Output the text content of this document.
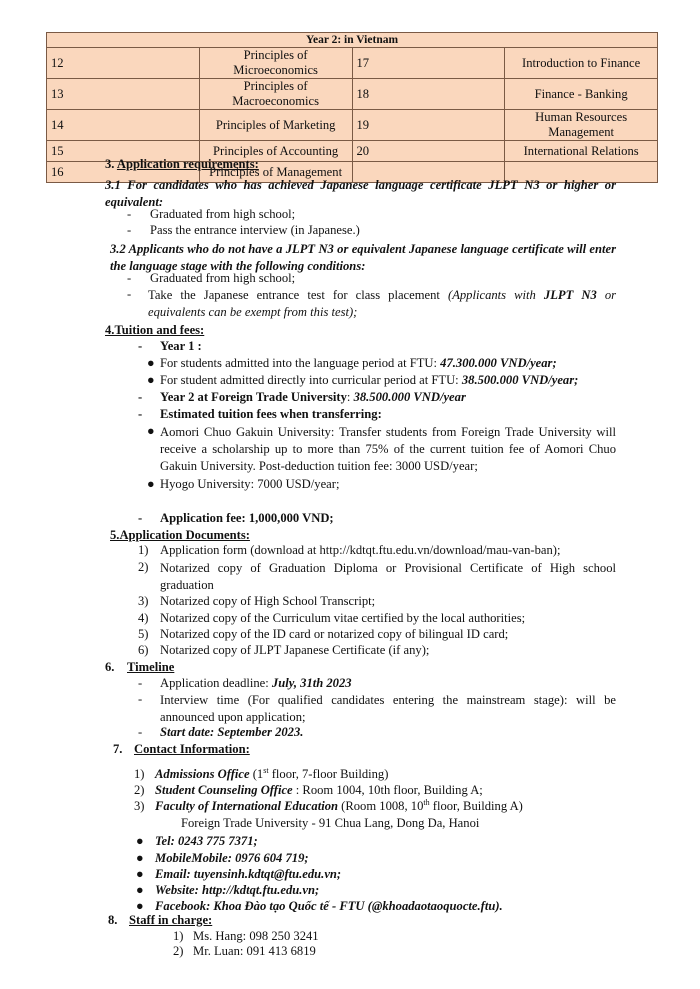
Year 2: in Vietnam			
12	Principles of Microeconomics	17	Introduction to Finance
13	Principles of Macroeconomics	18	Finance - Banking
14	Principles of Marketing	19	Human Resources Management
15	Principles of Accounting	20	International Relations
16	Principles of Management		
3. Application requirements:
3.1 For candidates who has achieved Japanese language certificate JLPT N3 or higher or equivalent:
- Graduated from high school;
- Pass the entrance interview (in Japanese.)
3.2 Applicants who do not have a JLPT N3 or equivalent Japanese language certificate will enter the language stage with the following conditions:
- Graduated from high school;
- Take the Japanese entrance test for class placement (Applicants with JLPT N3 or equivalents can be exempt from this test);
4.Tuition and fees:
- Year 1 :
● For students admitted into the language period at FTU: 47.300.000 VND/year;
● For student admitted directly into curricular period at FTU: 38.500.000 VND/year;
- Year 2 at Foreign Trade University: 38.500.000 VND/year
- Estimated tuition fees when transferring:
● Aomori Chuo Gakuin University: Transfer students from Foreign Trade University will receive a scholarship up to more than 75% of the current tuition fee of Aomori Chuo Gakuin University. Post-deduction tuition fee: 3000 USD/year;
● Hyogo University: 7000 USD/year;
- Application fee: 1,000,000 VND;
5.Application Documents:
1) Application form (download at http://kdtqt.ftu.edu.vn/download/mau-van-ban);
2) Notarized copy of Graduation Diploma or Provisional Certificate of High school graduation
3) Notarized copy of High School Transcript;
4) Notarized copy of the Curriculum vitae certified by the local authorities;
5) Notarized copy of the ID card or notarized copy of bilingual ID card;
6) Notarized copy of JLPT Japanese Certificate (if any);
6. Timeline
- Application deadline: July, 31th 2023
- Interview time (For qualified candidates entering the mainstream stage): will be announced upon application;
- Start date: September 2023.
7. Contact Information:
1) Admissions Office (1st floor, 7-floor Building)
2) Student Counseling Office : Room 1004, 10th floor, Building A;
3) Faculty of International Education (Room 1008, 10th floor, Building A)
Foreign Trade University - 91 Chua Lang, Dong Da, Hanoi
● Tel: 0243 775 7371;
● MobileMobile: 0976 604 719;
● Email: tuyensinh.kdtqt@ftu.edu.vn;
● Website: http://kdtqt.ftu.edu.vn;
● Facebook: Khoa Đào tạo Quốc tế - FTU (@khoadaotaoquocte.ftu).
8. Staff in charge:
1) Ms. Hang: 098 250 3241
2) Mr. Luan: 091 413 6819
